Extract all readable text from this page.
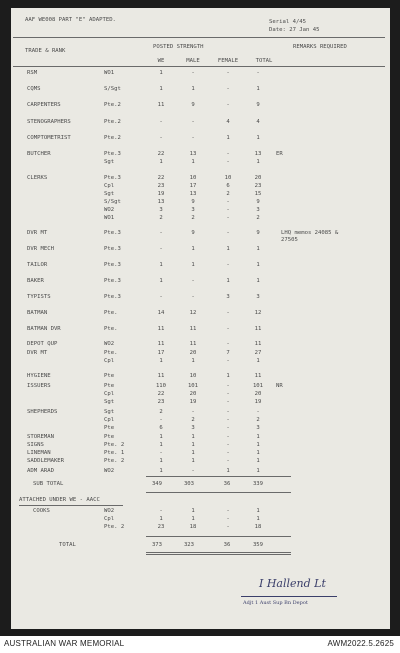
AAF WE008 PART "E" ADAPTED.	Serial 4/45
Date: 27 Jan 45
TRADE & RANK
POSTED STRENGTH	REMARKS REQUIRED
WE	MALE	FEMALE	TOTAL
RSM	WO1	1	-	-	-
CQMS	S/Sgt	1	1	-	1
CARPENTERS	Pte.2	11	9	-	9
STENOGRAPHERS	Pte.2	-	-	4	4
COMPTOMETRIST	Pte.2	-	-	1	1
BUTCHER	Pte.3	22	13	-	13	ER
Sgt	1	1	-	1
CLERKS	Pte.3	22	10	10	20
Cpl	23	17	6	23
Sgt	19	13	2	15
S/Sgt	13	9	-	9
WO2	3	3	-	3
WO1	2	2	-	2
DVR MT	Pte.3	-	9	-	9	LHQ memos 24085 & 27505
DVR MECH	Pte.3	-	1	1	1
TAILOR	Pte.3	1	1	-	1
BAKER	Pte.3	1	-	1	1
TYPISTS	Pte.3	-	-	3	3
BATMAN	Pte.	14	12	-	12
BATMAN DVR	Pte.	11	11	-	11
DEPOT QUP	WO2	11	11	-	11
DVR MT	Pte.	17	20	7	27
Cpl	1	1	-	1
HYGIENE	Pte	11	10	1	11
ISSUERS	Pte	110	101	-	101	NR
Cpl	22	20	-	20
Sgt	23	19	-	19
SHEPHERDS	Sgt	2	-	-	-
Cpl	-	2	-	2
Pte	6	3	-	3
STOREMAN	Pte	1	1	-	1
SIGNS	Pte. 2	1	1	-	1
LINEMAN	Pte. 1	-	1	-	1
SADDLEMAKER	Pte. 2	1	1	-	1
ADM ARAD	WO2	1	-	1	1
SUB TOTAL	349	303	36	339
ATTACHED UNDER WE - AACC
COOKS	WO2	-	1	-	1
Cpl	1	1	-	1
Pte. 2	23	18	-	18
TOTAL	373	323	36	359
I Hallend Lt
Adjt 1 Aust Sup Bn Depot
AUSTRALIAN WAR MEMORIAL	AWM2022.5.2625
